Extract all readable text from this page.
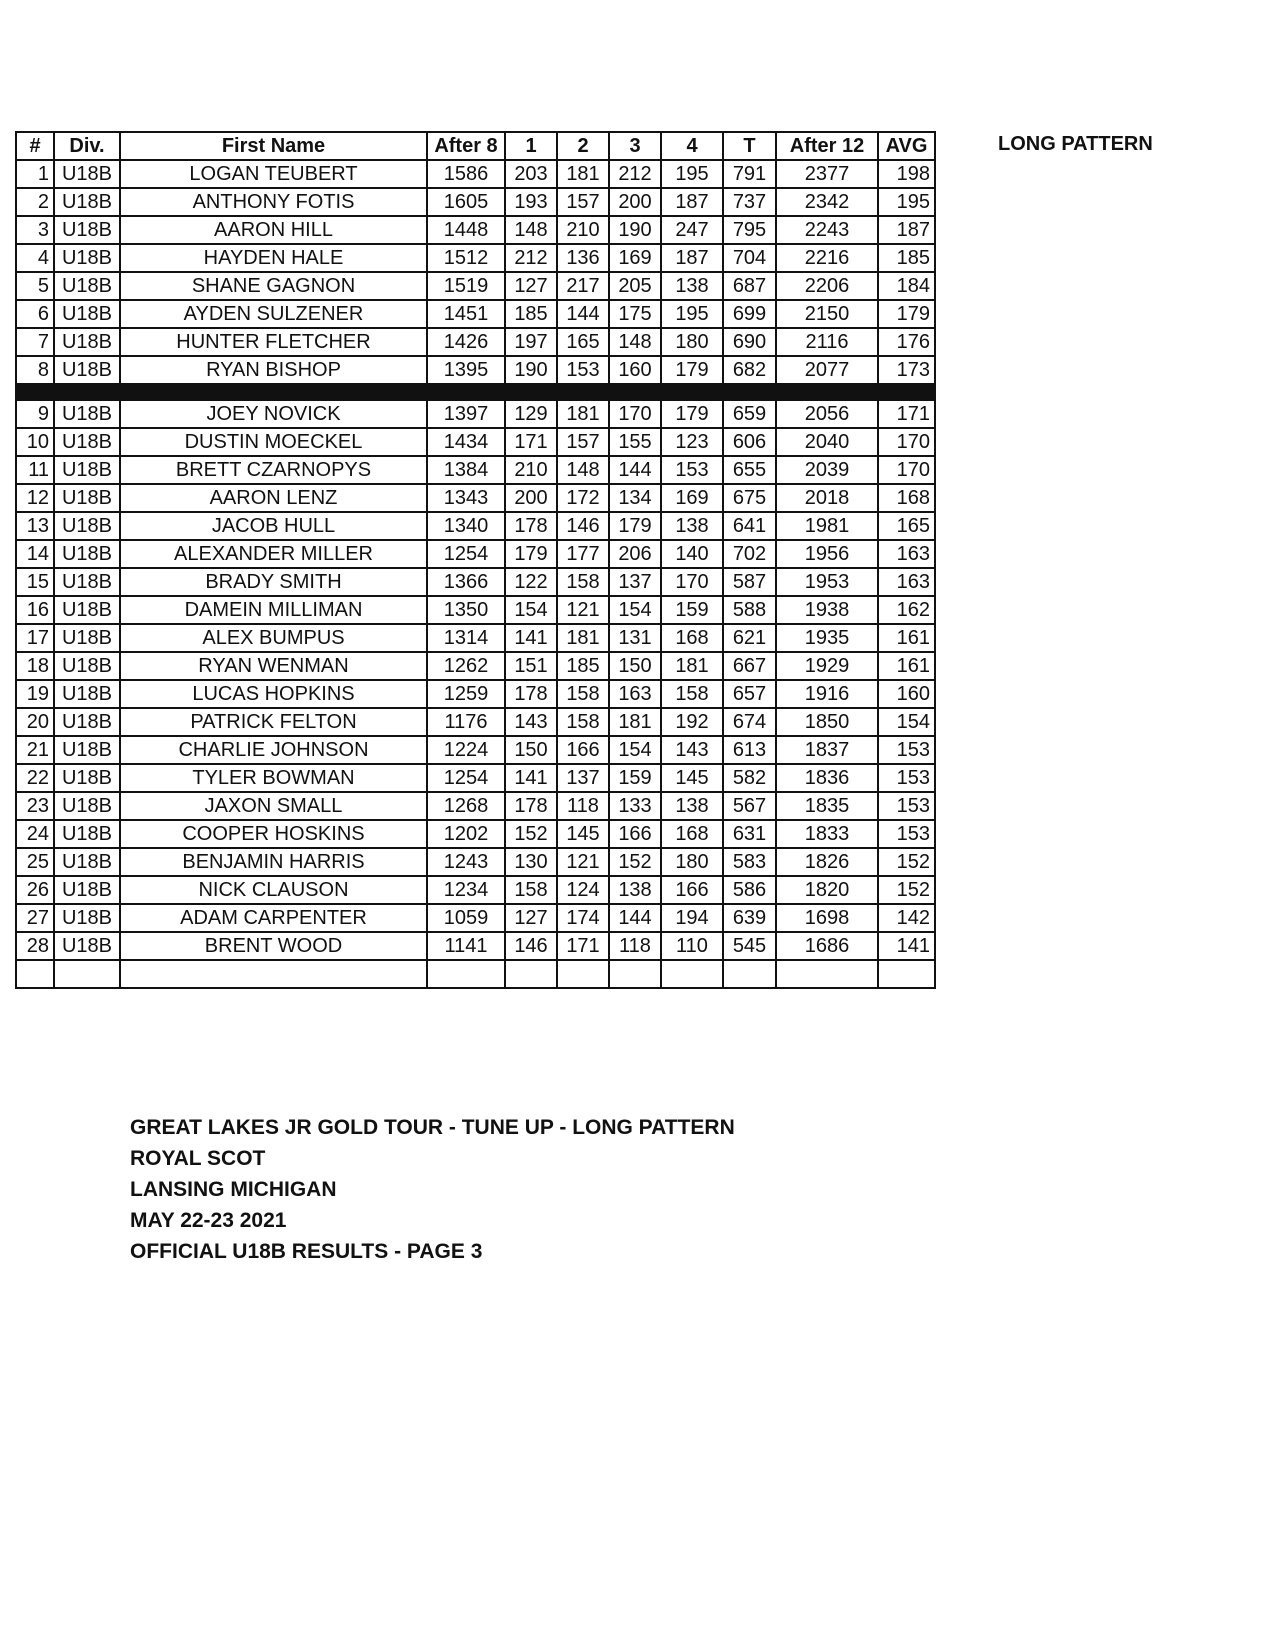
#	Div.	First Name	After 8	1	2	3	4	T	After 12	AVG
1	U18B	LOGAN TEUBERT	1586	203	181	212	195	791	2377	198
2	U18B	ANTHONY FOTIS	1605	193	157	200	187	737	2342	195
3	U18B	AARON HILL	1448	148	210	190	247	795	2243	187
4	U18B	HAYDEN HALE	1512	212	136	169	187	704	2216	185
5	U18B	SHANE GAGNON	1519	127	217	205	138	687	2206	184
6	U18B	AYDEN SULZENER	1451	185	144	175	195	699	2150	179
7	U18B	HUNTER FLETCHER	1426	197	165	148	180	690	2116	176
8	U18B	RYAN BISHOP	1395	190	153	160	179	682	2077	173

9	U18B	JOEY NOVICK	1397	129	181	170	179	659	2056	171
10	U18B	DUSTIN MOECKEL	1434	171	157	155	123	606	2040	170
11	U18B	BRETT CZARNOPYS	1384	210	148	144	153	655	2039	170
12	U18B	AARON LENZ	1343	200	172	134	169	675	2018	168
13	U18B	JACOB HULL	1340	178	146	179	138	641	1981	165
14	U18B	ALEXANDER MILLER	1254	179	177	206	140	702	1956	163
15	U18B	BRADY SMITH	1366	122	158	137	170	587	1953	163
16	U18B	DAMEIN MILLIMAN	1350	154	121	154	159	588	1938	162
17	U18B	ALEX BUMPUS	1314	141	181	131	168	621	1935	161
18	U18B	RYAN WENMAN	1262	151	185	150	181	667	1929	161
19	U18B	LUCAS HOPKINS	1259	178	158	163	158	657	1916	160
20	U18B	PATRICK FELTON	1176	143	158	181	192	674	1850	154
21	U18B	CHARLIE JOHNSON	1224	150	166	154	143	613	1837	153
22	U18B	TYLER BOWMAN	1254	141	137	159	145	582	1836	153
23	U18B	JAXON SMALL	1268	178	118	133	138	567	1835	153
24	U18B	COOPER HOSKINS	1202	152	145	166	168	631	1833	153
25	U18B	BENJAMIN HARRIS	1243	130	121	152	180	583	1826	152
26	U18B	NICK CLAUSON	1234	158	124	138	166	586	1820	152
27	U18B	ADAM CARPENTER	1059	127	174	144	194	639	1698	142
28	U18B	BRENT WOOD	1141	146	171	118	110	545	1686	141

LONG PATTERN
GREAT LAKES JR GOLD TOUR - TUNE UP - LONG PATTERN
ROYAL SCOT
LANSING MICHIGAN
MAY 22-23 2021
OFFICIAL U18B RESULTS - PAGE 3
